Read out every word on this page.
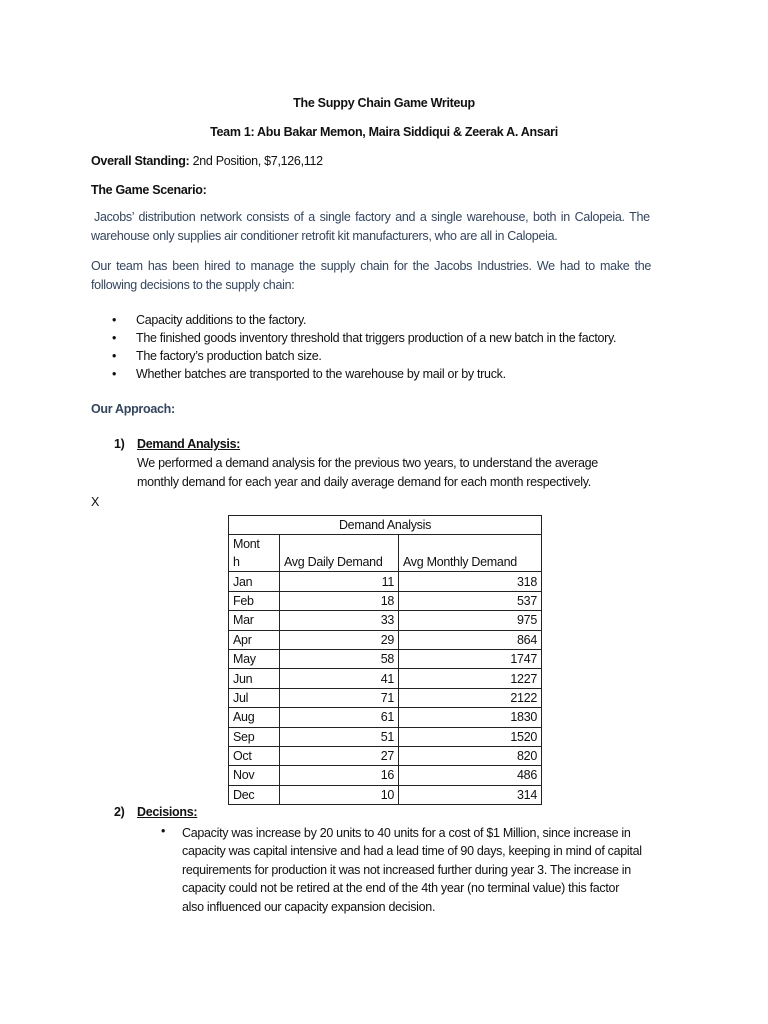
The Suppy Chain Game Writeup
Team 1: Abu Bakar Memon, Maira Siddiqui & Zeerak A. Ansari
Overall Standing: 2nd Position, $7,126,112
The Game Scenario:
Jacobs’ distribution network consists of a single factory and a single warehouse, both in Calopeia. The
warehouse only supplies air conditioner retrofit kit manufacturers, who are all in Calopeia.
Our team has been hired to manage the supply chain for the Jacobs Industries. We had to make the
following decisions to the supply chain:
• Capacity additions to the factory.
• The finished goods inventory threshold that triggers production of a new batch in the factory.
• The factory’s production batch size.
• Whether batches are transported to the warehouse by mail or by truck.
Our Approach:
1) Demand Analysis:
We performed a demand analysis for the previous two years, to understand the average
monthly demand for each year and daily average demand for each month respectively.
X
Demand Analysis		
Mont
h	Avg Daily Demand	Avg Monthly Demand
Jan	11	318
Feb	18	537
Mar	33	975
Apr	29	864
May	58	1747
Jun	41	1227
Jul	71	2122
Aug	61	1830
Sep	51	1520
Oct	27	820
Nov	16	486
Dec	10	314
2) Decisions:
• Capacity was increase by 20 units to 40 units for a cost of $1 Million, since increase in
capacity was capital intensive and had a lead time of 90 days, keeping in mind of capital
requirements for production it was not increased further during year 3. The increase in
capacity could not be retired at the end of the 4th year (no terminal value) this factor
also influenced our capacity expansion decision.
